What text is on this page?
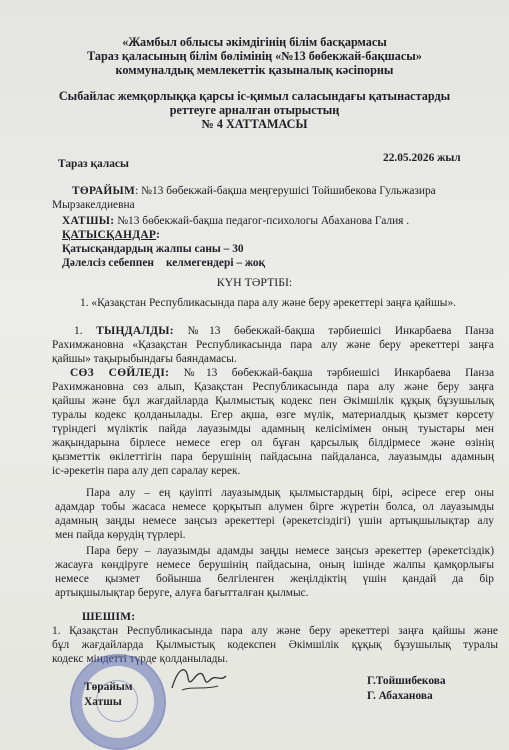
«Жамбыл облысы әкімдігінің білім басқармасы
Тараз қаласының білім бөлімінің «№13 бөбекжай-бақшасы»
коммуналдық мемлекеттік қазыналық кәсіпорны
Сыбайлас жемқорлыққа қарсы іс-қимыл саласындағы қатынастарды
реттеуге арналған отырыстың
№ 4 ХАТТАМАСЫ
Тараз қаласы	22.05.2026 жыл
ТӨРАЙЫМ: №13 бөбекжай-бақша меңгерушісі Тойшибекова Гульжазира
Мырзакелдиевна
ХАТШЫ: №13 бөбекжай-бақша педагог-психологы Абаханова Галия .
ҚАТЫСҚАНДАР:
Қатысқандардың жалпы саны – 30
Дәлелсіз себеппен келмегендері – жоқ
КҮН ТӘРТІБІ:
1. «Қазақстан Республикасында пара алу және беру әрекеттері заңға қайшы».
1. ТЫҢДАЛДЫ: №13 бөбекжай-бақша тәрбиешісі Инкарбаева Панза
Рахимжановна «Қазақстан Республикасында пара алу және беру әрекеттері заңға
қайшы» тақырыбындағы баяндамасы.
СӨЗ СӨЙЛЕДІ: №13 бөбекжай-бақша тәрбиешісі Инкарбаева Панза
Рахимжановна сөз алып, Қазақстан Республикасында пара алу және беру заңға
қайшы және бұл жағдайларда Қылмыстық кодекс пен Әкімшілік құқық бұзушылық
туралы кодекс қолданылады. Егер ақша, өзге мүлік, материалдық қызмет көрсету
түріндегі мүліктік пайда лауазымды адамның келісімімен оның туыстары мен
жақындарына бірлесе немесе егер ол бұған қарсылық білдірмесе және өзінің
қызметтік өкілеттігін пара берушінің пайдасына пайдаланса, лауазымды адамның
іс-әрекетін пара алу деп саралау керек.
Пара алу – ең қауіпті лауазымдық қылмыстардың бірі, әсіресе егер оны
адамдар тобы жасаса немесе қорқытып алумен бірге жүретін болса, ол лауазымды
адамның заңды немесе заңсыз әрекеттері (әрекетсіздігі) үшін артықшылықтар алу
мен пайда көрудің түрлері.
Пара беру – лауазымды адамды заңды немесе заңсыз әрекеттер (әрекетсіздік)
жасауға көндіруге немесе берушінің пайдасына, оның ішінде жалпы қамқорлығы
немесе қызмет бойынша белгіленген жеңілдіктің үшін қандай да бір
артықшылықтар беруге, алуға бағытталған қылмыс.
ШЕШІМ:
1. Қазақстан Республикасында пара алу және беру әрекеттері заңға қайшы және
бұл жағдайларда Қылмыстық кодекспен Әкімшілік құқық бұзушылық туралы
кодекс міндетті түрде қолданылады.
Төрайым
Хатшы
Г.Тойшибекова
Г. Абаханова
